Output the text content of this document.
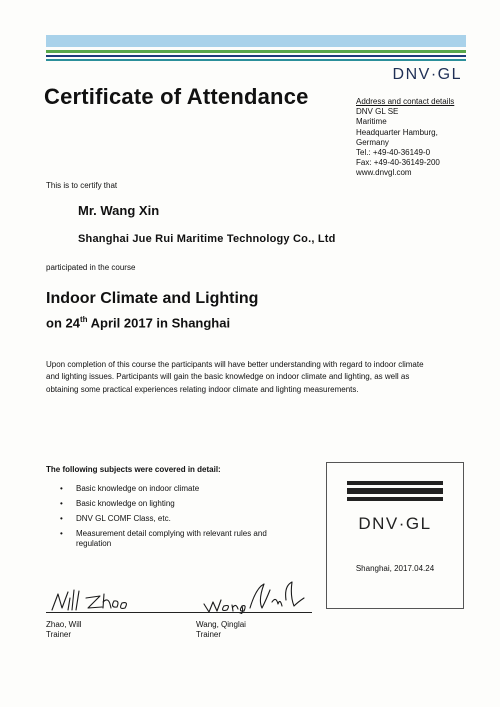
DNV·GL
Certificate of Attendance	Address and contact details
DNV GL SE
Maritime
Headquarter Hamburg,
Germany
Tel.: +49-40-36149-0
Fax: +49-40-36149-200
www.dnvgl.com
This is to certify that
Mr. Wang Xin
Shanghai Jue Rui Maritime Technology Co., Ltd
participated in the course
Indoor Climate and Lighting
on 24th April 2017 in Shanghai
Upon completion of this course the participants will have better understanding with regard to indoor climate and lighting issues. Participants will gain the basic knowledge on indoor climate and lighting, as well as obtaining some practical experiences relating indoor climate and lighting measurements.
The following subjects were covered in detail:
• Basic knowledge on indoor climate
• Basic knowledge on lighting
• DNV GL COMF Class, etc.
• Measurement detail complying with relevant rules and regulation
DNV·GL
Shanghai, 2017.04.24
Zhao, Will
Trainer
Wang, Qinglai
Trainer
